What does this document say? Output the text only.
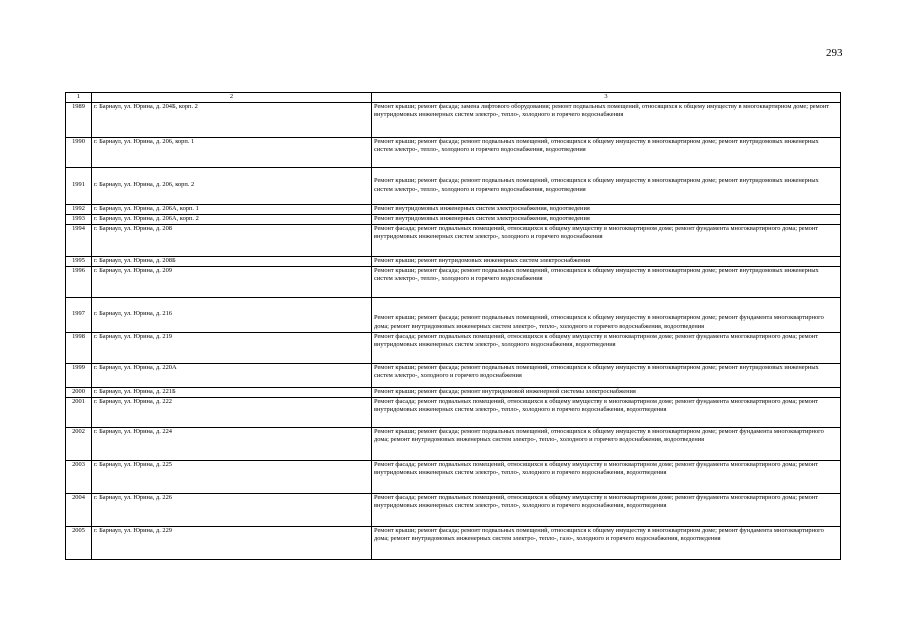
293
1	2	3
1989	г. Барнаул, ул. Юрина, д. 204Б, корп. 2	Ремонт крыши; ремонт фасада; замена лифтового оборудования; ремонт подвальных помещений, относящихся к общему имуществу в многоквартирном доме; ремонт внутридомовых инженерных систем электро-, тепло-, холодного и горячего водоснабжения
1990	г. Барнаул, ул. Юрина, д. 206, корп. 1	Ремонт крыши; ремонт фасада; ремонт подвальных помещений, относящихся к общему имуществу в многоквартирном доме; ремонт внутридомовых инженерных систем электро-, тепло-, холодного и горячего водоснабжения, водоотведения
1991	г. Барнаул, ул. Юрина, д. 206, корп. 2	Ремонт крыши; ремонт фасада; ремонт подвальных помещений, относящихся к общему имуществу в многоквартирном доме; ремонт внутридомовых инженерных систем электро-, тепло-, холодного и горячего водоснабжения, водоотведения
1992	г. Барнаул, ул. Юрина, д. 206А, корп. 1	Ремонт внутридомовых инженерных систем электроснабжения, водоотведения
1993	г. Барнаул, ул. Юрина, д. 206А, корп. 2	Ремонт внутридомовых инженерных систем электроснабжения, водоотведения
1994	г. Барнаул, ул. Юрина, д. 208	Ремонт фасада; ремонт подвальных помещений, относящихся к общему имуществу в многоквартирном доме; ремонт фундамента многоквартирного дома; ремонт внутридомовых инженерных систем электро-, холодного и горячего водоснабжения
1995	г. Барнаул, ул. Юрина, д. 208Б	Ремонт крыши; ремонт внутридомовых инженерных систем электроснабжения
1996	г. Барнаул, ул. Юрина, д. 209	Ремонт крыши; ремонт фасада; ремонт подвальных помещений, относящихся к общему имуществу в многоквартирном доме; ремонт внутридомовых инженерных систем электро-, тепло-, холодного и горячего водоснабжения
1997	г. Барнаул, ул. Юрина, д. 216	Ремонт крыши; ремонт фасада; ремонт подвальных помещений, относящихся к общему имуществу в многоквартирном доме; ремонт фундамента многоквартирного дома; ремонт внутридомовых инженерных систем электро-, тепло-, холодного и горячего водоснабжения, водоотведения
1998	г. Барнаул, ул. Юрина, д. 219	Ремонт фасада; ремонт подвальных помещений, относящихся к общему имуществу в многоквартирном доме; ремонт фундамента многоквартирного дома; ремонт внутридомовых инженерных систем электро-, холодного водоснабжения, водоотведения
1999	г. Барнаул, ул. Юрина, д. 220А	Ремонт крыши; ремонт фасада; ремонт подвальных помещений, относящихся к общему имуществу в многоквартирном доме; ремонт внутридомовых инженерных систем электро-, холодного и горячего водоснабжения
2000	г. Барнаул, ул. Юрина, д. 221Б	Ремонт крыши; ремонт фасада; ремонт внутридомовой инженерной системы электроснабжения
2001	г. Барнаул, ул. Юрина, д. 222	Ремонт фасада; ремонт подвальных помещений, относящихся к общему имуществу в многоквартирном доме; ремонт фундамента многоквартирного дома; ремонт внутридомовых инженерных систем электро-, тепло-, холодного и горячего водоснабжения, водоотведения
2002	г. Барнаул, ул. Юрина, д. 224	Ремонт крыши; ремонт фасада; ремонт подвальных помещений, относящихся к общему имуществу в многоквартирном доме; ремонт фундамента многоквартирного дома; ремонт внутридомовых инженерных систем электро-, тепло-, холодного и горячего водоснабжения, водоотведения
2003	г. Барнаул, ул. Юрина, д. 225	Ремонт фасада; ремонт подвальных помещений, относящихся к общему имуществу в многоквартирном доме; ремонт фундамента многоквартирного дома; ремонт внутридомовых инженерных систем электро-, тепло-, холодного и горячего водоснабжения, водоотведения
2004	г. Барнаул, ул. Юрина, д. 226	Ремонт фасада; ремонт подвальных помещений, относящихся к общему имуществу в многоквартирном доме; ремонт фундамента многоквартирного дома; ремонт внутридомовых инженерных систем электро-, тепло-, холодного и горячего водоснабжения, водоотведения
2005	г. Барнаул, ул. Юрина, д. 229	Ремонт крыши; ремонт фасада; ремонт подвальных помещений, относящихся к общему имуществу в многоквартирном доме; ремонт фундамента многоквартирного дома; ремонт внутридомовых инженерных систем электро-, тепло-, газо-, холодного и горячего водоснабжения, водоотведения
